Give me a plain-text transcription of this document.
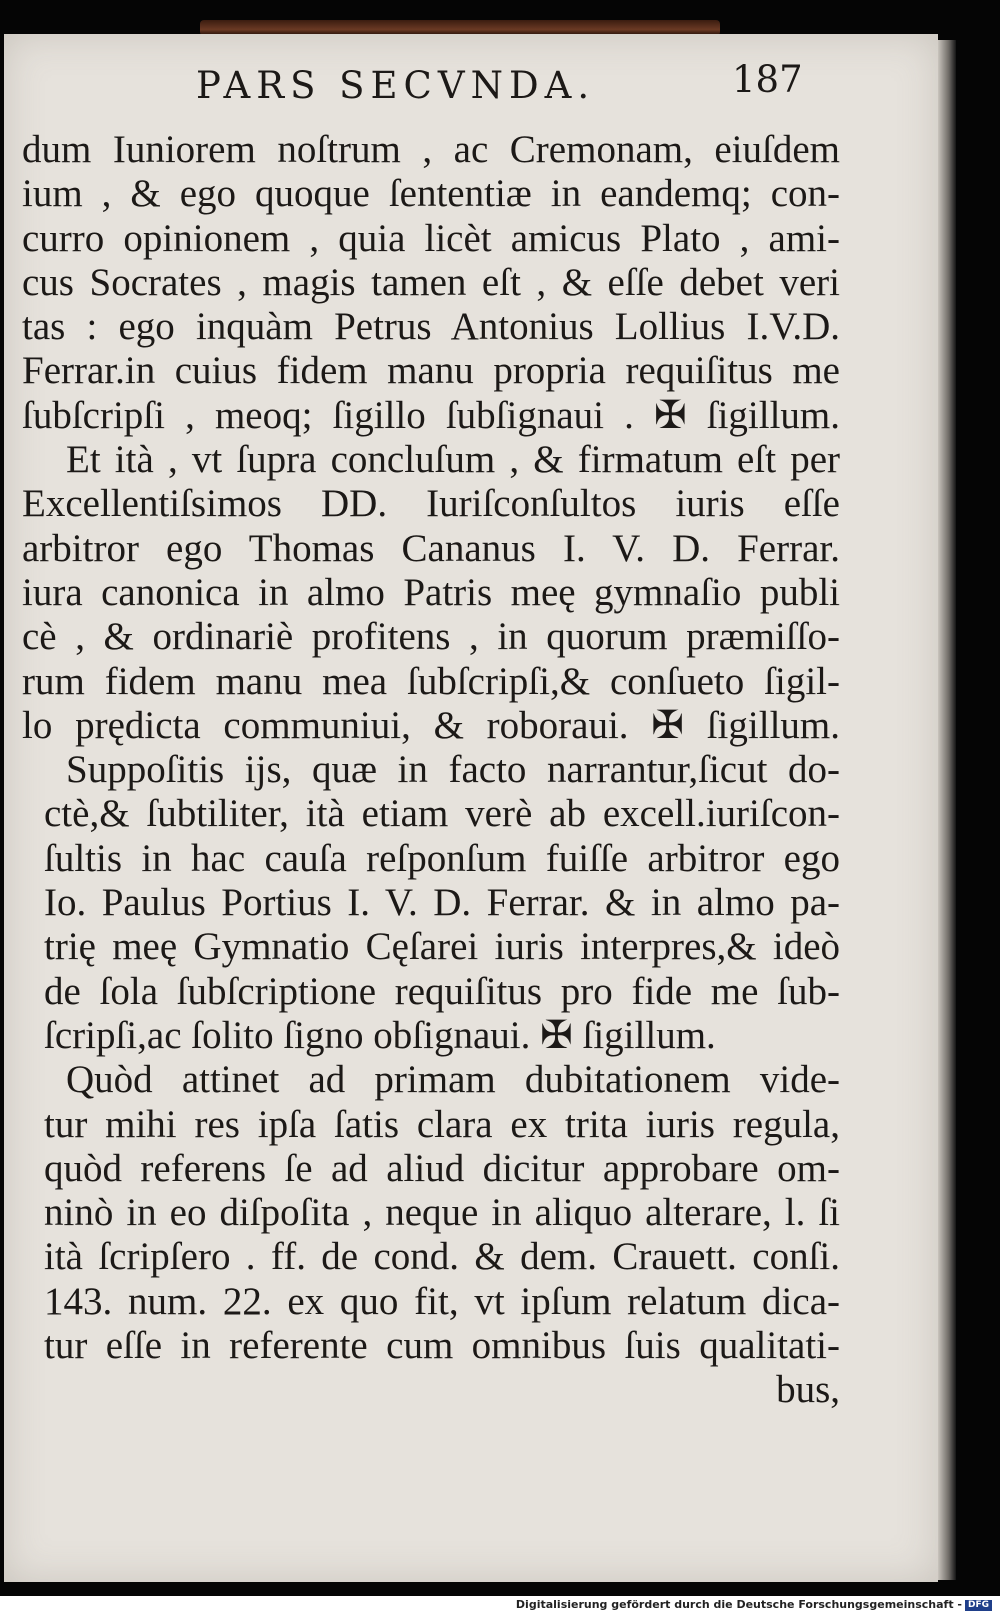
PARS SECVNDA.	187
dum Iuniorem noſtrum , ac Cremonam, eiuſdem
ium , & ego quoque ſententiæ in eandemq; con-
curro opinionem , quia licèt amicus Plato , ami-
cus Socrates , magis tamen eſt , & eſſe debet veri
tas : ego inquàm Petrus Antonius Lollius I.V.D.
Ferrar.in cuius fidem manu propria requiſitus me
ſubſcripſi , meoq; ſigillo ſubſignaui . ✠ ſigillum.
Et ità , vt ſupra concluſum , & firmatum eſt per
Excellentiſsimos DD. Iuriſconſultos iuris eſſe
arbitror ego Thomas Cananus I. V. D. Ferrar.
iura canonica in almo Patris meę gymnaſio publi
cè , & ordinariè profitens , in quorum præmiſſo-
rum fidem manu mea ſubſcripſi,& conſueto ſigil-
lo prędicta communiui, & roboraui. ✠ ſigillum.
Suppoſitis ijs, quæ in facto narrantur,ſicut do-
ctè,& ſubtiliter, ità etiam verè ab excell.iuriſcon-
ſultis in hac cauſa reſponſum fuiſſe arbitror ego
Io. Paulus Portius I. V. D. Ferrar. & in almo pa-
trię meę Gymnatio Cęſarei iuris interpres,& ideò
de ſola ſubſcriptione requiſitus pro fide me ſub-
ſcripſi,ac ſolito ſigno obſignaui. ✠ ſigillum.
Quòd attinet ad primam dubitationem vide-
tur mihi res ipſa ſatis clara ex trita iuris regula,
quòd referens ſe ad aliud dicitur approbare om-
ninò in eo diſpoſita , neque in aliquo alterare, l. ſi
ità ſcripſero . ff. de cond. & dem. Crauett. conſi.
143. num. 22. ex quo fit, vt ipſum relatum dica-
tur eſſe in referente cum omnibus ſuis qualitati-
bus,
Digitalisierung gefördert durch die Deutsche Forschungsgemeinschaft - DFG
